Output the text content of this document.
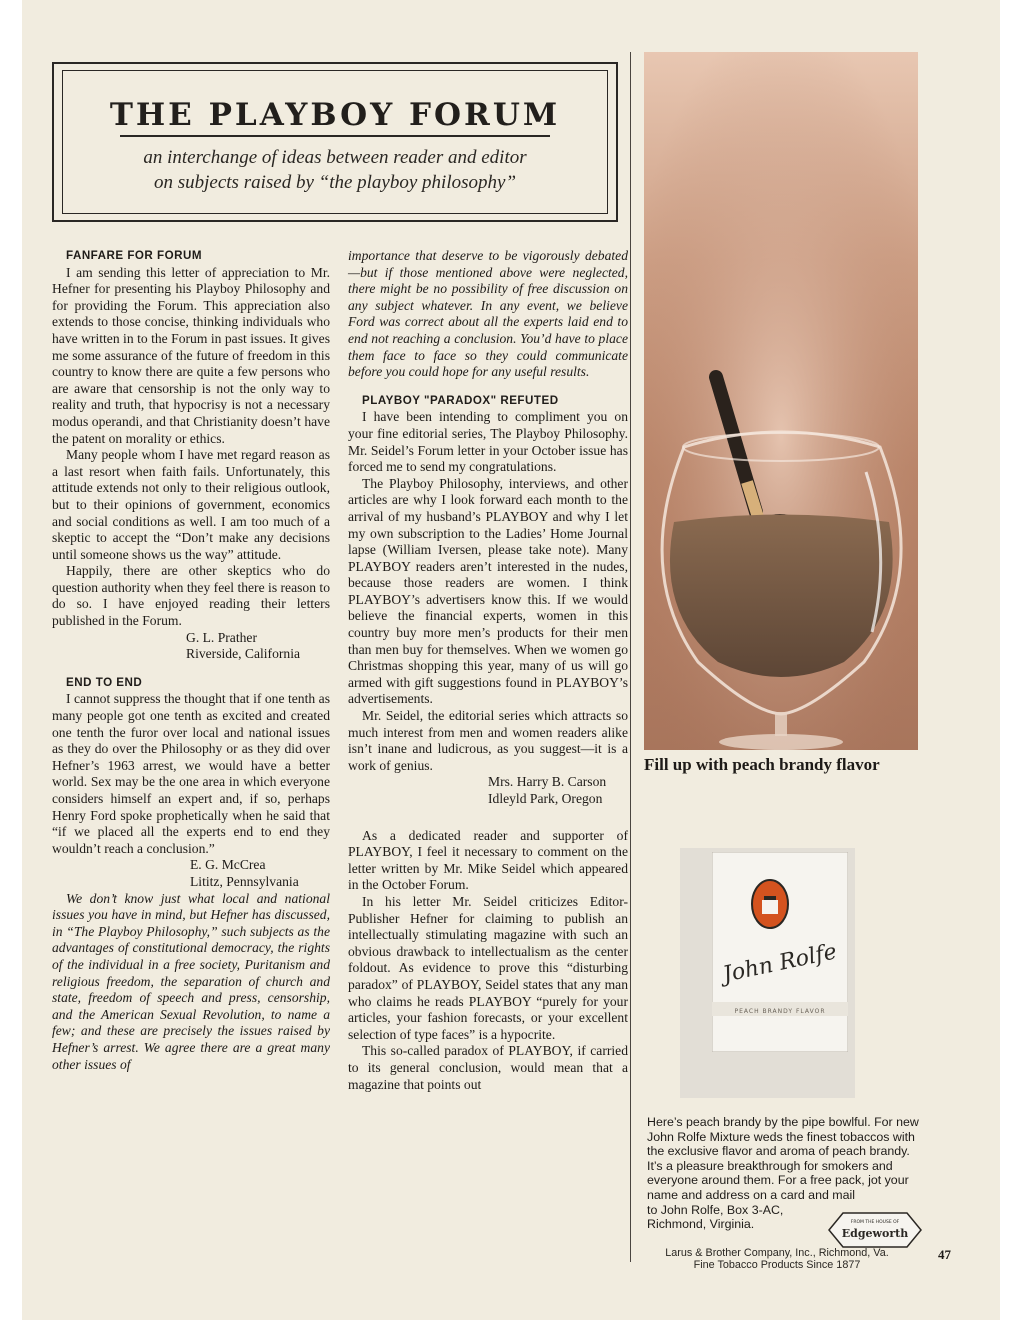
THE PLAYBOY FORUM
an interchange of ideas between reader and editor
on subjects raised by “the playboy philosophy”

FANFARE FOR FORUM

I am sending this letter of appreciation to Mr. Hefner for presenting his Playboy Philosophy and for providing the Forum. This appreciation also extends to those concise, thinking individuals who have written in to the Forum in past issues. It gives me some assurance of the future of freedom in this country to know there are quite a few persons who are aware that censorship is not the only way to reality and truth, that hypocrisy is not a necessary modus operandi, and that Christianity doesn’t have the patent on morality or ethics.

Many people whom I have met regard reason as a last resort when faith fails. Unfortunately, this attitude extends not only to their religious outlook, but to their opinions of government, economics and social conditions as well. I am too much of a skeptic to accept the “Don’t make any decisions until someone shows us the way” attitude.

Happily, there are other skeptics who do question authority when they feel there is reason to do so. I have enjoyed reading their letters published in the Forum.

G. L. Prather

Riverside, California

END TO END

I cannot suppress the thought that if one tenth as many people got one tenth as excited and created one tenth the furor over local and national issues as they do over the Philosophy or as they did over Hefner’s 1963 arrest, we would have a better world. Sex may be the one area in which everyone considers himself an expert and, if so, perhaps Henry Ford spoke prophetically when he said that “if we placed all the experts end to end they wouldn’t reach a conclusion.”

E. G. McCrea

Lititz, Pennsylvania

We don’t know just what local and national issues you have in mind, but Hefner has discussed, in “The Playboy Philosophy,” such subjects as the advantages of constitutional democracy, the rights of the individual in a free society, Puritanism and religious freedom, the separation of church and state, freedom of speech and press, censorship, and the American Sexual Revolution, to name a few; and these are precisely the issues raised by Hefner’s arrest. We agree there are a great many other issues of

importance that deserve to be vigorously debated—but if those mentioned above were neglected, there might be no possibility of free discussion on any subject whatever. In any event, we believe Ford was correct about all the experts laid end to end not reaching a conclusion. You’d have to place them face to face so they could communicate before you could hope for any useful results.

PLAYBOY "PARADOX" REFUTED

I have been intending to compliment you on your fine editorial series, The Playboy Philosophy. Mr. Seidel’s Forum letter in your October issue has forced me to send my congratulations.

The Playboy Philosophy, interviews, and other articles are why I look forward each month to the arrival of my husband’s PLAYBOY and why I let my own subscription to the Ladies’ Home Journal lapse (William Iversen, please take note). Many PLAYBOY readers aren’t interested in the nudes, because those readers are women. I think PLAYBOY’s advertisers know this. If we would believe the financial experts, women in this country buy more men’s products for their men than men buy for themselves. When we women go Christmas shopping this year, many of us will go armed with gift suggestions found in PLAYBOY’s advertisements.

Mr. Seidel, the editorial series which attracts so much interest from men and women readers alike isn’t inane and ludicrous, as you suggest—it is a work of genius.

Mrs. Harry B. Carson

Idleyld Park, Oregon

As a dedicated reader and supporter of PLAYBOY, I feel it necessary to comment on the letter written by Mr. Mike Seidel which appeared in the October Forum.

In his letter Mr. Seidel criticizes Editor-Publisher Hefner for claiming to publish an intellectually stimulating magazine with such an obvious drawback to intellectualism as the center foldout. As evidence to prove this “disturbing paradox” of PLAYBOY, Seidel states that any man who claims he reads PLAYBOY “purely for your articles, your fashion forecasts, or your excellent selection of type faces” is a hypocrite.

This so-called paradox of PLAYBOY, if carried to its general conclusion, would mean that a magazine that points out

Fill up with peach brandy flavor
John Rolfe
PEACH BRANDY FLAVOR

Here’s peach brandy by the pipe bowlful. For new John Rolfe Mixture weds the finest tobaccos with the exclusive flavor and aroma of peach brandy. It’s a pleasure breakthrough for smokers and everyone around them. For a free pack, jot your name and address on a card and mail

to John Rolfe, Box 3-AC,
Richmond, Virginia.	FROM THE HOUSE OF
Edgeworth
Larus & Brother Company, Inc., Richmond, Va.
Fine Tobacco Products Since 1877
47
